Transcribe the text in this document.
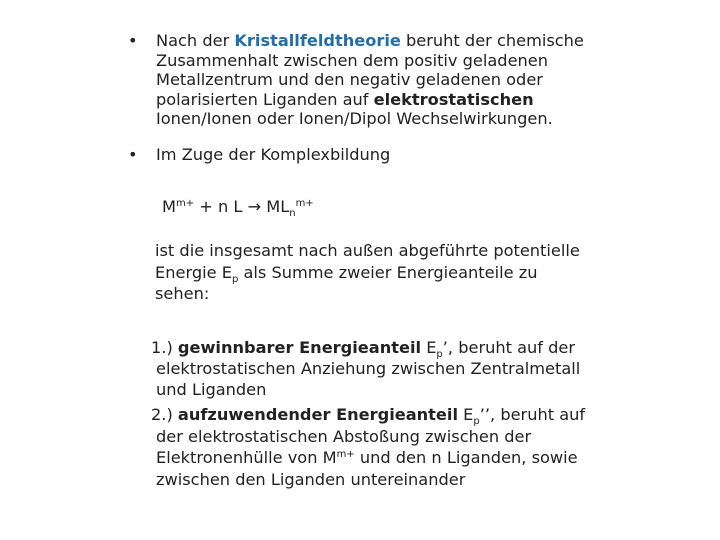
• Nach der Kristallfeldtheorie beruht der chemische
Zusammenhalt zwischen dem positiv geladenen
Metallzentrum und den negativ geladenen oder
polarisierten Liganden auf elektrostatischen
Ionen/Ionen oder Ionen/Dipol Wechselwirkungen.
• Im Zuge der Komplexbildung
$M^{m+} + n$ $L \to ML_n^{m+}$
ist die insgesamt nach außen abgeführte potentielle
Energie $E_p$ als Summe zweier Energieanteile zu
sehen:
1.) gewinnbarer Energieanteil $E_p$’, beruht auf der
elektrostatischen Anziehung zwischen Zentralmetall
und Liganden
2.) aufzuwendender Energieanteil $E_p$’’, beruht auf
der elektrostatischen Abstoßung zwischen der
Elektronenhülle von $M^{m+}$ und den n Liganden, sowie
zwischen den Liganden untereinander
